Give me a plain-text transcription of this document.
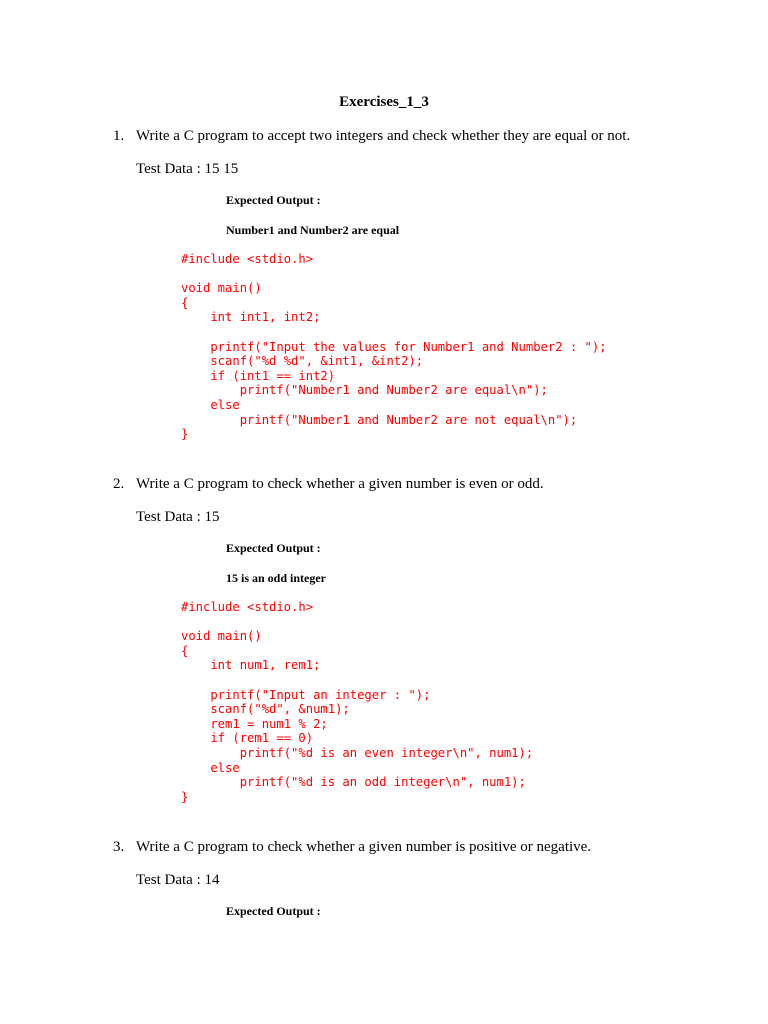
Exercises_1_3
1. Write a C program to accept two integers and check whether they are equal or not.
Test Data : 15 15
Expected Output :
Number1 and Number2 are equal
#include <stdio.h>
void main()
{
int int1, int2;
printf("Input the values for Number1 and Number2 : ");
scanf("%d %d", &int1, &int2);
if (int1 == int2)
printf("Number1 and Number2 are equal\n");
else
printf("Number1 and Number2 are not equal\n");
}
2. Write a C program to check whether a given number is even or odd.
Test Data : 15
Expected Output :
15 is an odd integer
#include <stdio.h>
void main()
{
int num1, rem1;
printf("Input an integer : ");
scanf("%d", &num1);
rem1 = num1 % 2;
if (rem1 == 0)
printf("%d is an even integer\n", num1);
else
printf("%d is an odd integer\n", num1);
}
3. Write a C program to check whether a given number is positive or negative.
Test Data : 14
Expected Output :
